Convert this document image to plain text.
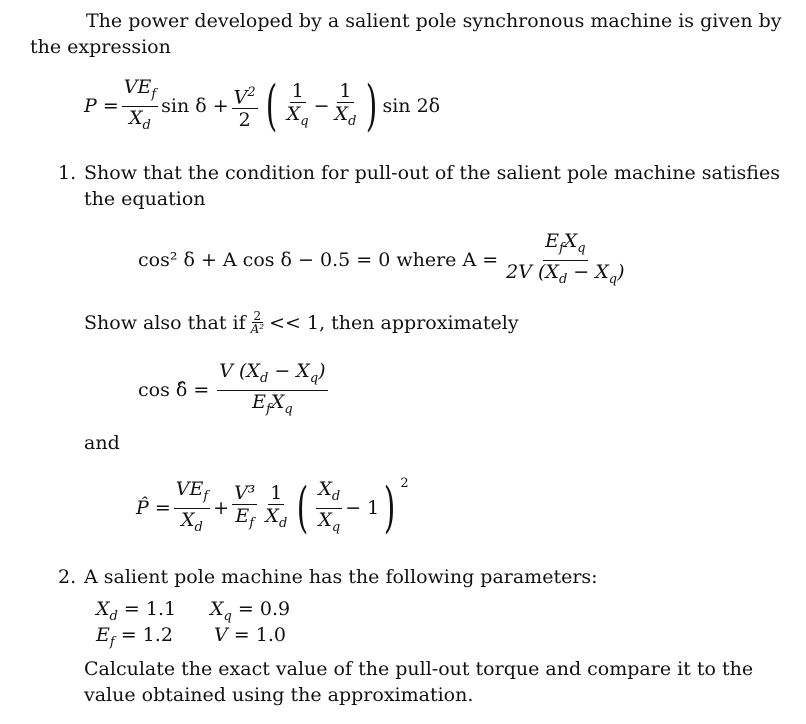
The power developed by a salient pole synchronous machine is given by
the expression
$P = \frac{VE_f}{X_d}$ $\sin \delta + \frac{V^2}{2}$ ( $\frac{1}{X_q} - \frac{1}{X_d}$ ) sin 2δ
1. Show that the condition for pull-out of the salient pole machine satisfies
the equation
cos² δ + A cos δ − 0.5 = 0 where $A = \frac{E_fX_q}{2V (X_d - X_q)}$
Show also that if $\frac{2}{\text{A²}} << 1$, then approximately
cos δ̂ = $\frac{V (X_d - X_q)}{E_fX_q}$
and
P̂ = $\frac{VE_f}{X_d} + \frac{\text{V³}}{E_f} \frac{1}{X_d}$ ( $\frac{X_d}{X_q} - 1$ ) $^2$
2. A salient pole machine has the following parameters:
$X_d = 1.1$ $X_q = 0.9$
$E_f = 1.2$ V = 1.0
Calculate the exact value of the pull-out torque and compare it to the
value obtained using the approximation.
